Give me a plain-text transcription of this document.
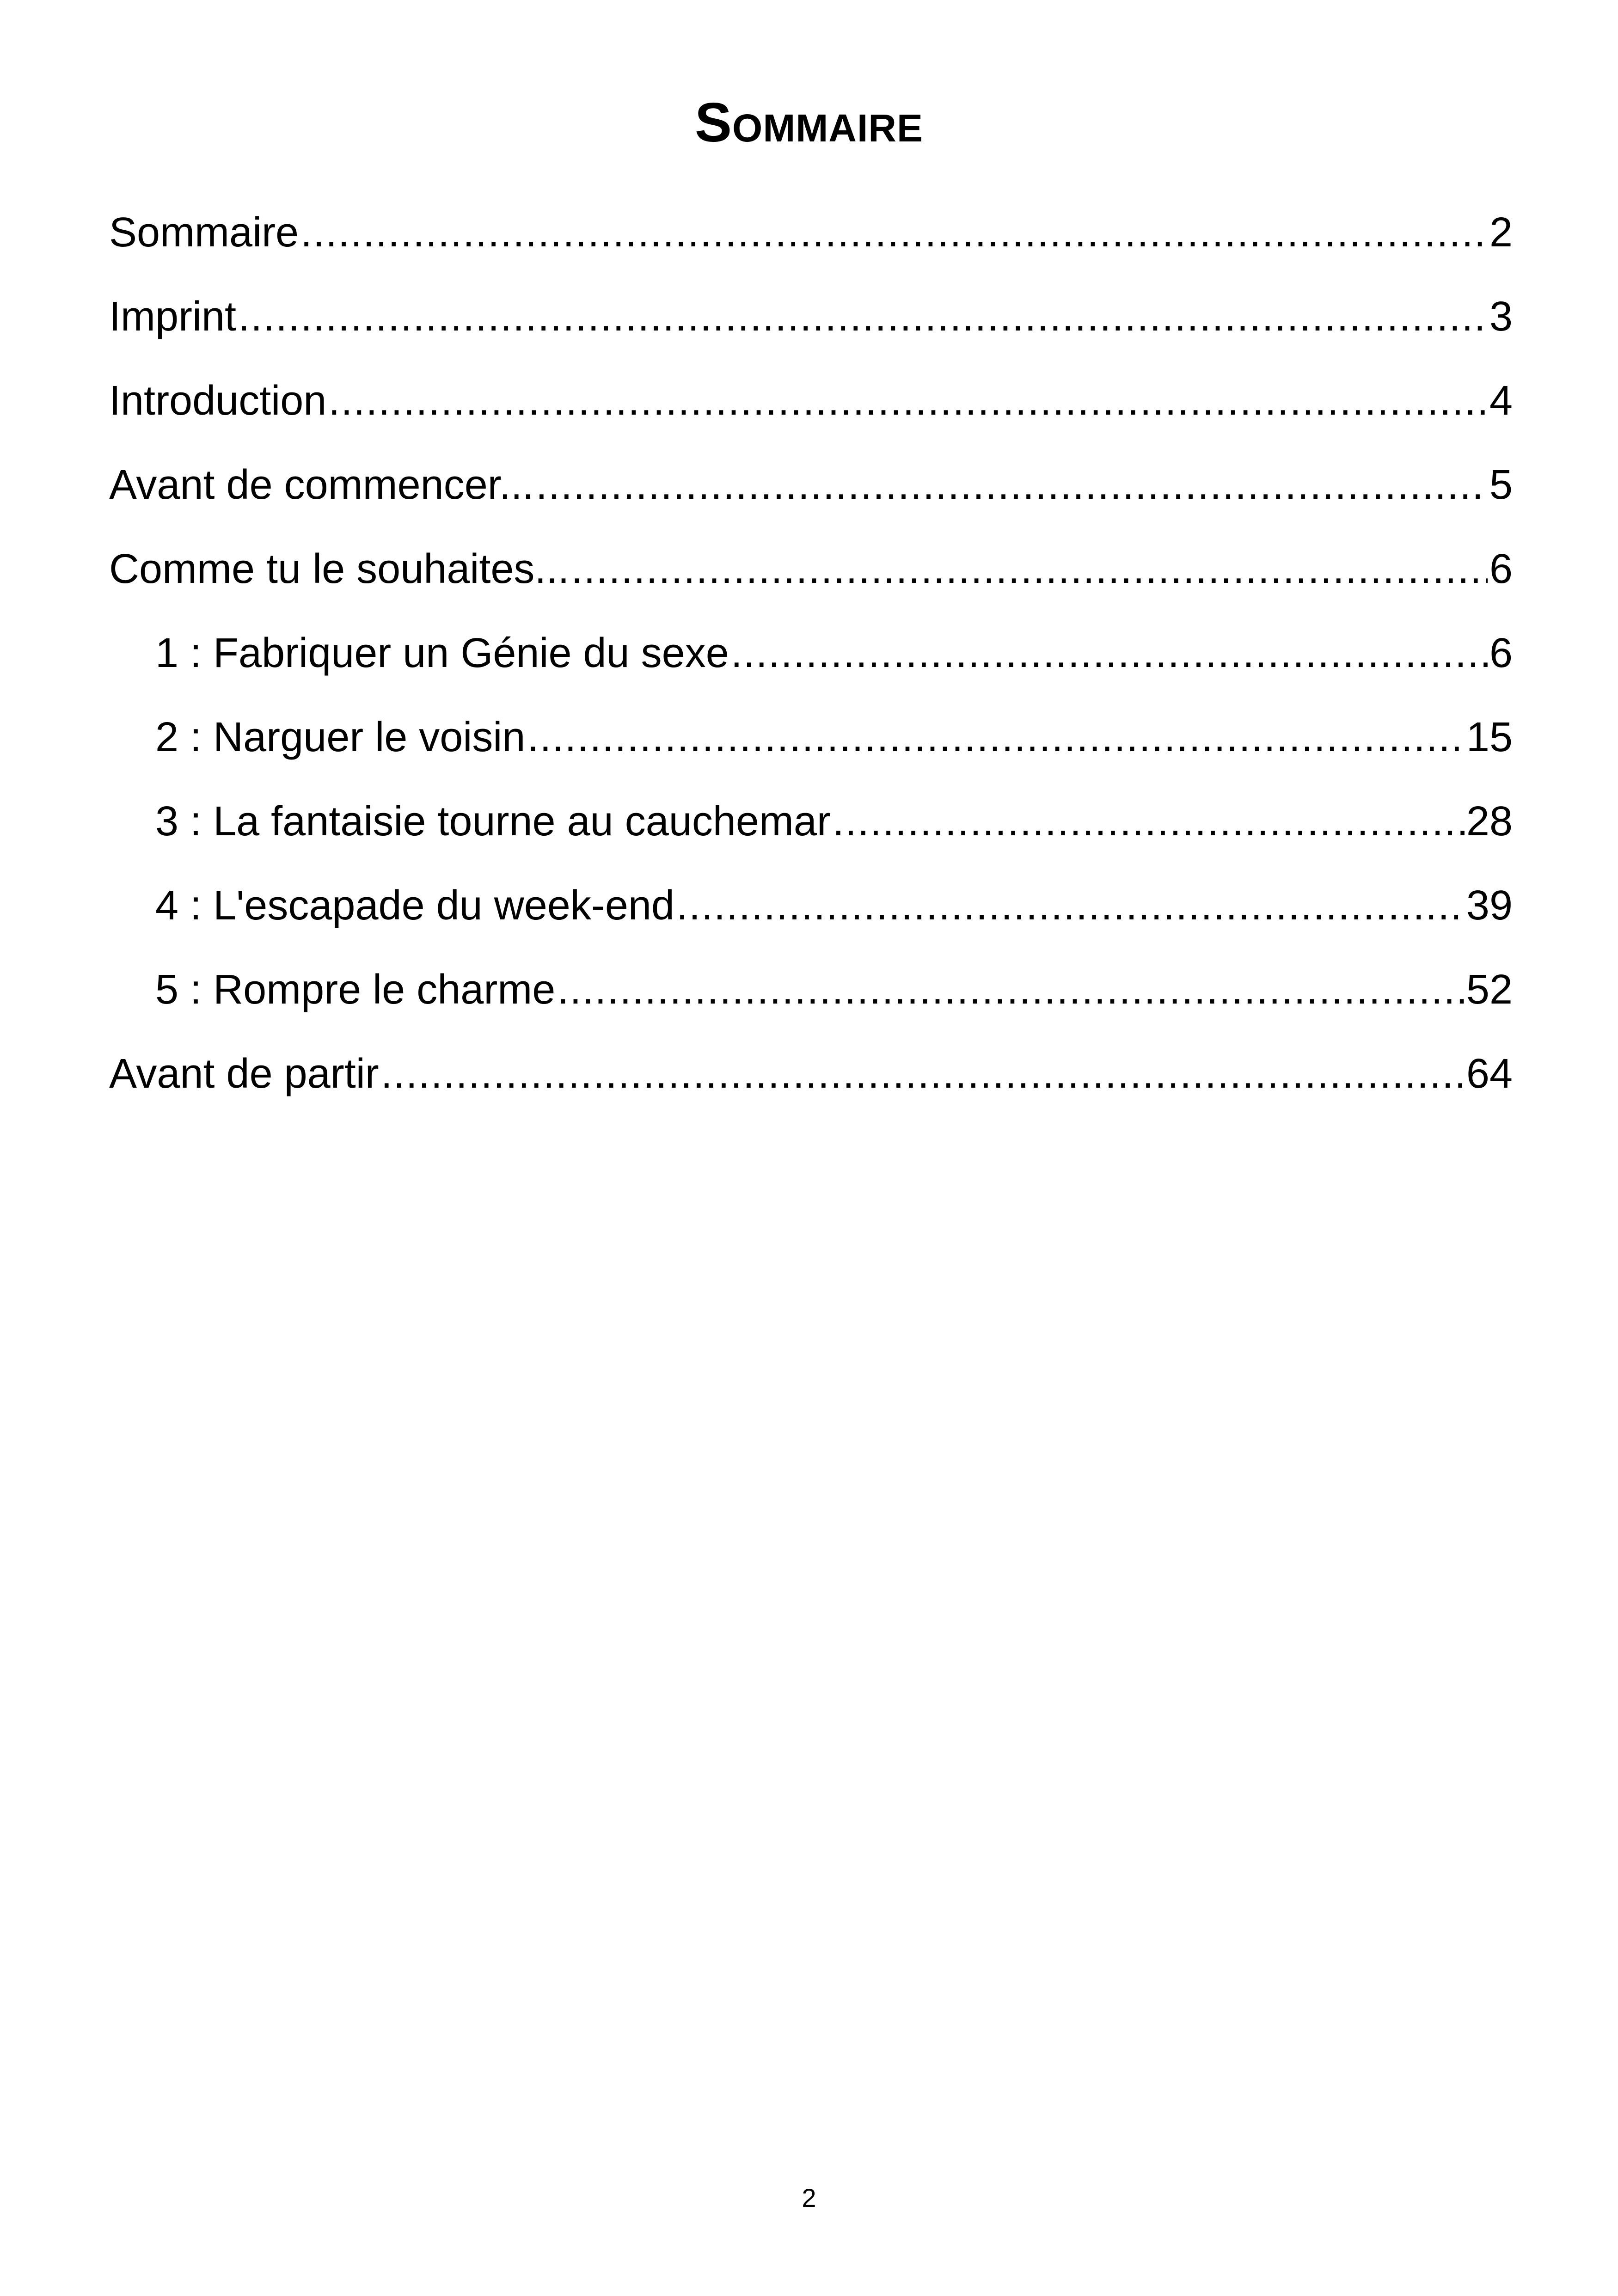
Sommaire
Sommaire .....	2
Imprint .....	3
Introduction .....	4
Avant de commencer... .....	5
Comme tu le souhaites... .....	6
1 : Fabriquer un Génie du sexe .....	6
2 : Narguer le voisin .....	15
3 : La fantaisie tourne au cauchemar .....	28
4 : L'escapade du week-end .....	39
5 : Rompre le charme .....	52
Avant de partir .....	64
2
